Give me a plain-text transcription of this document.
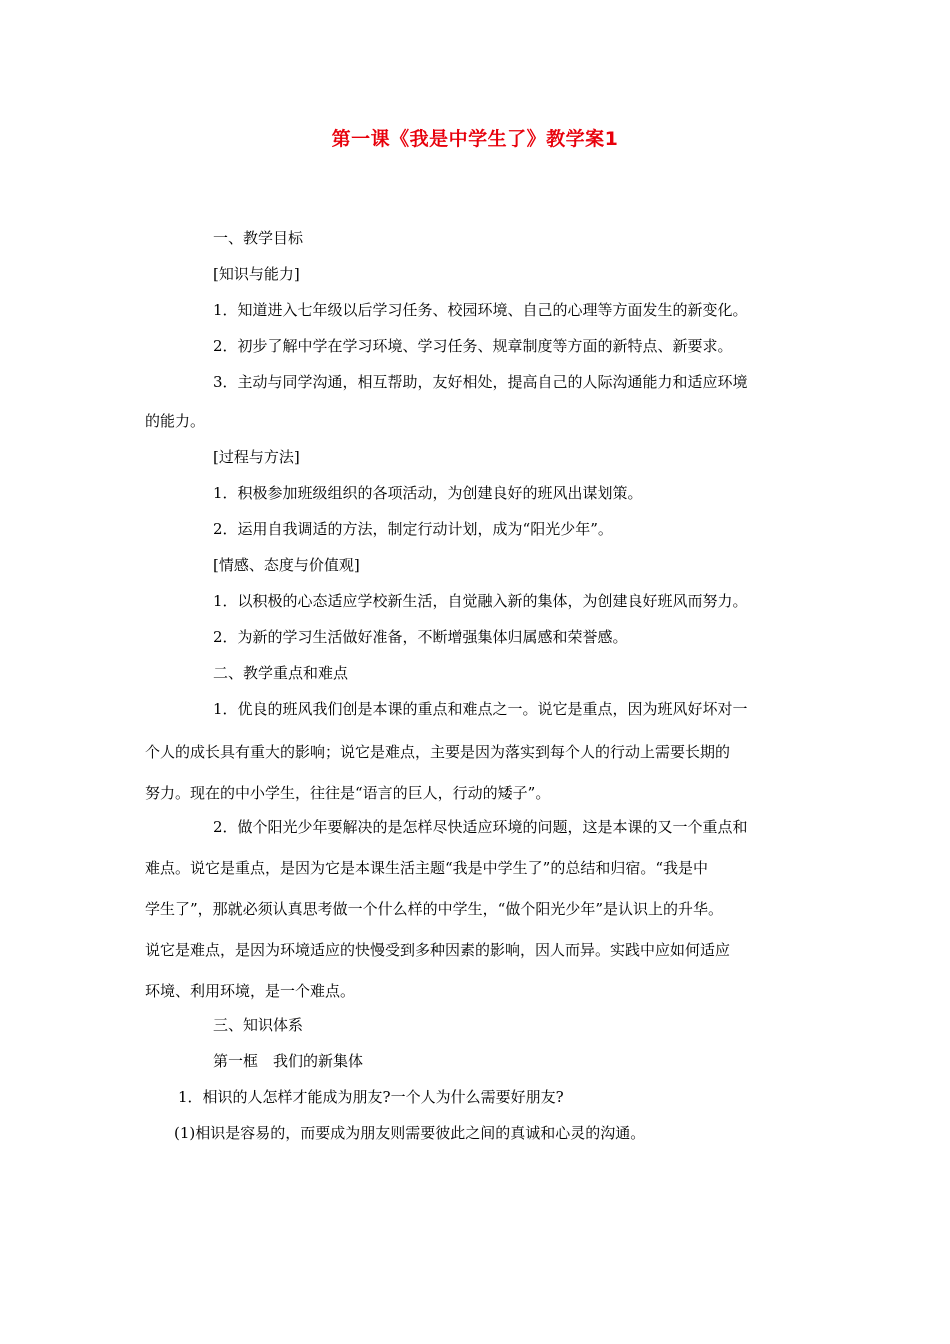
第一课《我是中学生了》教学案1
一、教学目标
[知识与能力]
1．知道进入七年级以后学习任务、校园环境、自己的心理等方面发生的新变化。
2．初步了解中学在学习环境、学习任务、规章制度等方面的新特点、新要求。
3．主动与同学沟通，相互帮助，友好相处，提高自己的人际沟通能力和适应环境
的能力。
[过程与方法]
1．积极参加班级组织的各项活动，为创建良好的班风出谋划策。
2．运用自我调适的方法，制定行动计划，成为“阳光少年”。
[情感、态度与价值观]
1．以积极的心态适应学校新生活，自觉融入新的集体，为创建良好班风而努力。
2．为新的学习生活做好准备，不断增强集体归属感和荣誉感。
二、教学重点和难点
1．优良的班风我们创是本课的重点和难点之一。说它是重点，因为班风好坏对一
个人的成长具有重大的影响；说它是难点，主要是因为落实到每个人的行动上需要长期的
努力。现在的中小学生，往往是“语言的巨人，行动的矮子”。
2．做个阳光少年要解决的是怎样尽快适应环境的问题，这是本课的又一个重点和
难点。说它是重点，是因为它是本课生活主题“我是中学生了”的总结和归宿。“我是中
学生了”，那就必须认真思考做一个什么样的中学生，“做个阳光少年”是认识上的升华。
说它是难点，是因为环境适应的快慢受到多种因素的影响，因人而异。实践中应如何适应
环境、利用环境，是一个难点。
三、知识体系
第一框　我们的新集体
1．相识的人怎样才能成为朋友?一个人为什么需要好朋友?
(1)相识是容易的，而要成为朋友则需要彼此之间的真诚和心灵的沟通。
